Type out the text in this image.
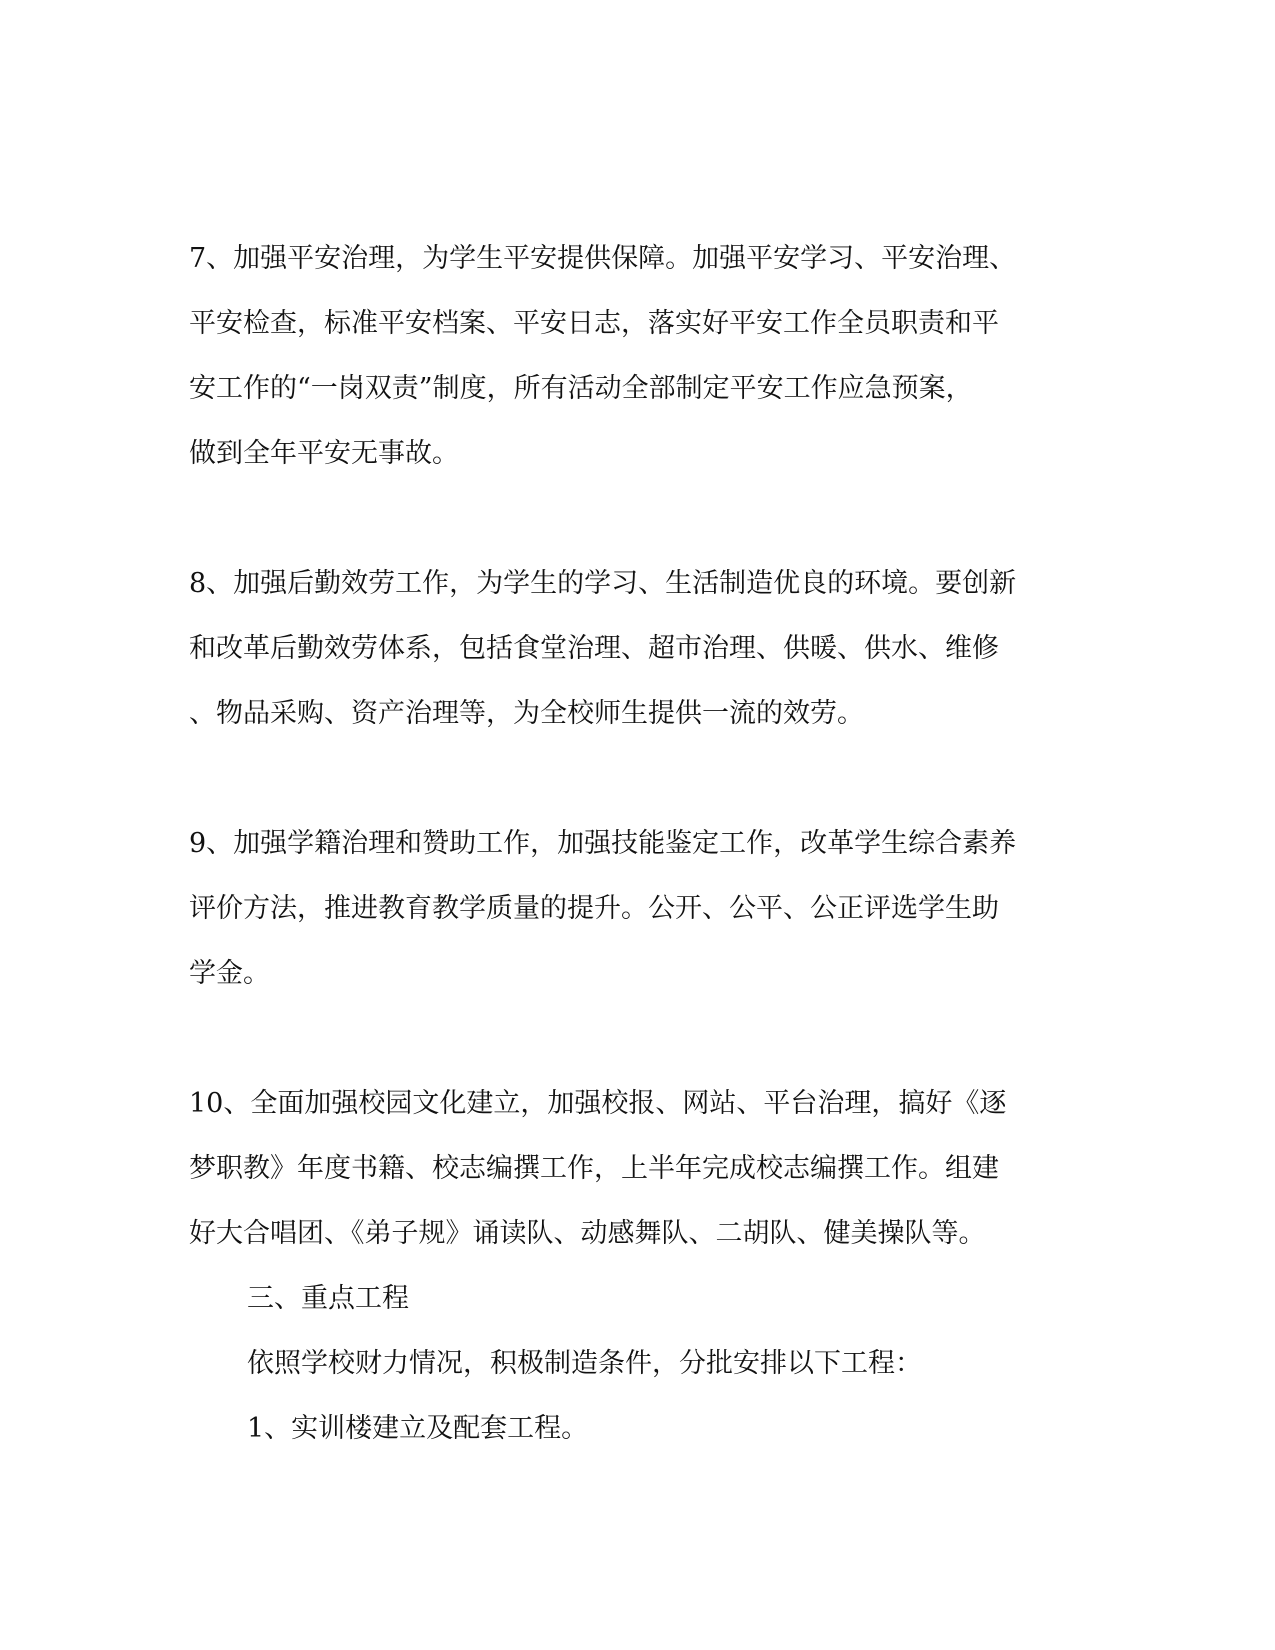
7、加强平安治理，为学生平安提供保障。加强平安学习、平安治理、
平安检查，标准平安档案、平安日志，落实好平安工作全员职责和平
安工作的“一岗双责”制度，所有活动全部制定平安工作应急预案，
做到全年平安无事故。
8、加强后勤效劳工作，为学生的学习、生活制造优良的环境。要创新
和改革后勤效劳体系，包括食堂治理、超市治理、供暖、供水、维修
、物品采购、资产治理等，为全校师生提供一流的效劳。
9、加强学籍治理和赞助工作，加强技能鉴定工作，改革学生综合素养
评价方法，推进教育教学质量的提升。公开、公平、公正评选学生助
学金。
10、全面加强校园文化建立，加强校报、网站、平台治理，搞好《逐
梦职教》年度书籍、校志编撰工作，上半年完成校志编撰工作。组建
好大合唱团、《弟子规》诵读队、动感舞队、二胡队、健美操队等。
三、重点工程
依照学校财力情况，积极制造条件，分批安排以下工程：
1、实训楼建立及配套工程。
